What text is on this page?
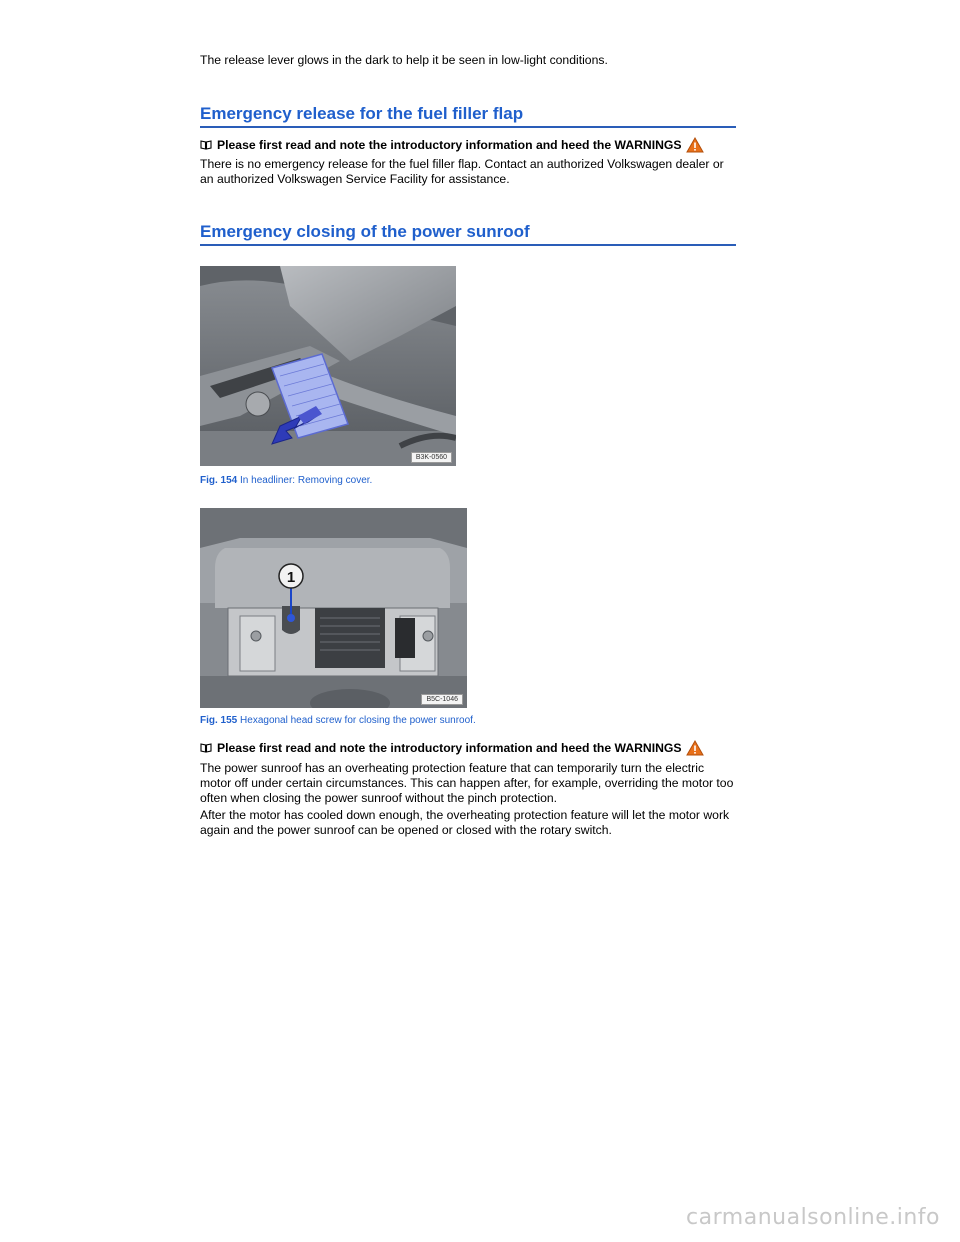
The release lever glows in the dark to help it be seen in low-light conditions.

Emergency release for the fuel filler flap
Please first read and note the introductory information and heed the WARNINGS

There is no emergency release for the fuel filler flap. Contact an authorized Volkswagen dealer or an authorized Volkswagen Service Facility for assistance.

Emergency closing of the power sunroof
B3K-0560
Fig. 154 In headliner: Removing cover.
1
B5C-1046
Fig. 155 Hexagonal head screw for closing the power sunroof.
Please first read and note the introductory information and heed the WARNINGS

The power sunroof has an overheating protection feature that can temporarily turn the electric motor off under certain circumstances. This can happen after, for example, overriding the motor too often when closing the power sunroof without the pinch protection.

After the motor has cooled down enough, the overheating protection feature will let the motor work again and the power sunroof can be opened or closed with the rotary switch.

carmanualsonline.info
